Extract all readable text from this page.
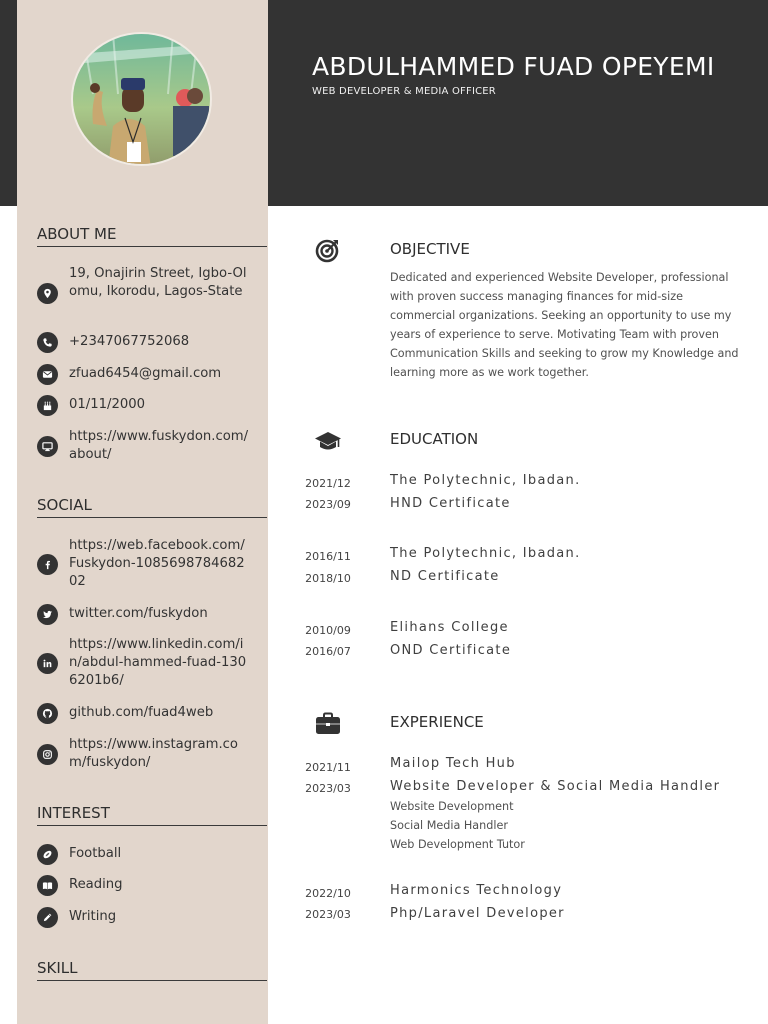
ABDULHAMMED FUAD OPEYEMI
WEB DEVELOPER & MEDIA OFFICER
ABOUT ME
19, Onajirin Street, Igbo-Olomu, Ikorodu, Lagos-State
+2347067752068
zfuad6454@gmail.com
01/11/2000
https://www.fuskydon.com/about/
SOCIAL
https://web.facebook.com/Fuskydon-108569878468202
twitter.com/fuskydon
https://www.linkedin.com/in/abdul-hammed-fuad-1306201b6/
github.com/fuad4web
https://www.instagram.com/fuskydon/
INTEREST
Football
Reading
Writing
SKILL
OBJECTIVE
Dedicated and experienced Website Developer, professional with proven success managing finances for mid-size commercial organizations. Seeking an opportunity to use my years of experience to serve. Motivating Team with proven Communication Skills and seeking to grow my Knowledge and learning more as we work together.
EDUCATION
2021/12
2023/09
The Polytechnic, Ibadan.
HND Certificate
2016/11
2018/10
The Polytechnic, Ibadan.
ND Certificate
2010/09
2016/07
Elihans College
OND Certificate
EXPERIENCE
2021/11
2023/03
Mailop Tech Hub
Website Developer & Social Media Handler
Website Development
Social Media Handler
Web Development Tutor
2022/10
2023/03
Harmonics Technology
Php/Laravel Developer
